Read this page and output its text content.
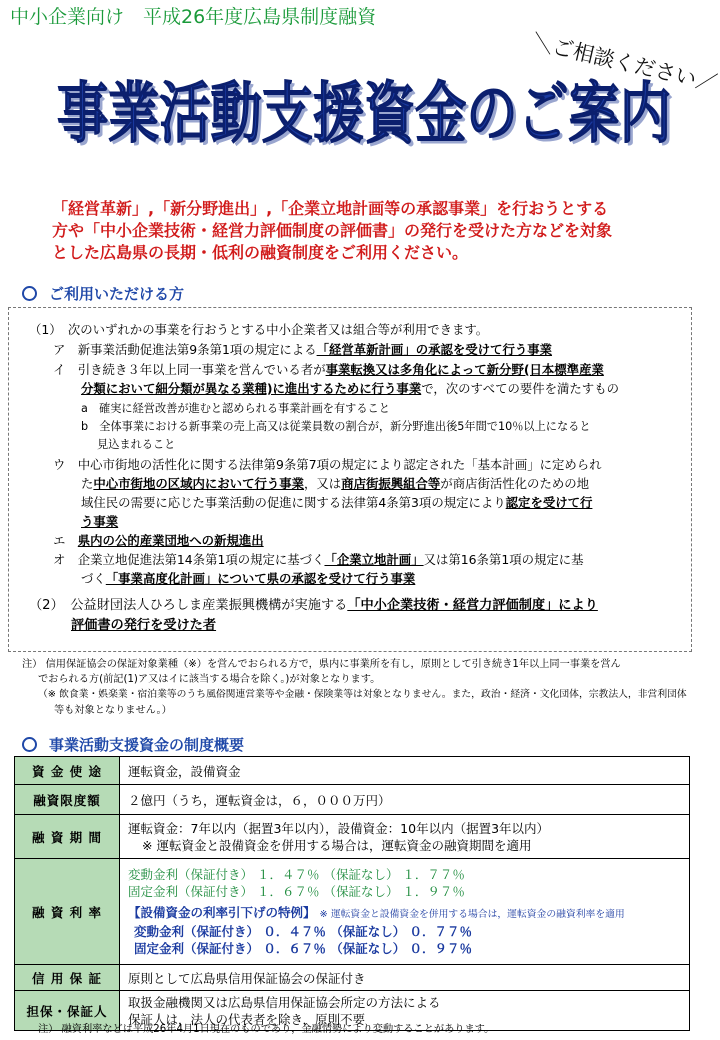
中小企業向け　平成26年度広島県制度融資
＼ご相談ください／
事業活動支援資金のご案内
事業活動支援資金のご案内

「経営革新」,「新分野進出」,「企業立地計画等の承認事業」を行おうとする

方や「中小企業技術・経営力評価制度の評価書」の発行を受けた方などを対象

とした広島県の長期・低利の融資制度をご利用ください。

ご利用いただける方
（1）　次のいずれかの事業を行おうとする中小企業者又は組合等が利用できます。
ア　新事業活動促進法第9条第1項の規定による「経営革新計画」の承認を受けて行う事業
イ　引き続き３年以上同一事業を営んでいる者が事業転換又は多角化によって新分野(日本標準産業
分類において細分類が異なる業種)に進出するために行う事業で，次のすべての要件を満たすもの
a　確実に経営改善が進むと認められる事業計画を有すること
b　全体事業における新事業の売上高又は従業員数の割合が，新分野進出後5年間で10％以上になると
見込まれること
ウ　中心市街地の活性化に関する法律第9条第7項の規定により認定された「基本計画」に定められ
た中心市街地の区域内において行う事業，又は商店街振興組合等が商店街活性化のための地
域住民の需要に応じた事業活動の促進に関する法律第4条第3項の規定により認定を受けて行
う事業
エ　県内の公的産業団地への新規進出
オ　企業立地促進法第14条第1項の規定に基づく「企業立地計画」又は第16条第1項の規定に基
づく「事業高度化計画」について県の承認を受けて行う事業
（2）　公益財団法人ひろしま産業振興機構が実施する「中小企業技術・経営力評価制度」により
評価書の発行を受けた者
注） 信用保証協会の保証対象業種（※）を営んでおられる方で，県内に事業所を有し，原則として引き続き1年以上同一事業を営ん
でおられる方(前記(1)ア又はイに該当する場合を除く。)が対象となります。
（※ 飲食業・娯楽業・宿泊業等のうち風俗関連営業等や金融・保険業等は対象となりません。また，政治・経済・文化団体，宗教法人，非営利団体
等も対象となりません。）
事業活動支援資金の制度概要
資 金 使 途	運転資金，設備資金
融資限度額	２億円（うち，運転資金は，６，０００万円）
融 資 期 間	運転資金：7年以内（据置3年以内），設備資金：10年以内（据置3年以内）
※ 運転資金と設備資金を併用する場合は，運転資金の融資期間を適用

融 資 利 率	変動金利（保証付き） １．４７％ （保証なし） １．７７％
固定金利（保証付き） １．６７％ （保証なし） １．９７％
【設備資金の利率引下げの特例】 ※ 運転資金と設備資金を併用する場合は，運転資金の融資利率を適用
変動金利（保証付き） ０．４７％ （保証なし） ０．７７％
固定金利（保証付き） ０．６７％ （保証なし） ０．９７％

信 用 保 証	原則として広島県信用保証協会の保証付き
担保・保証人	取扱金融機関又は広島県信用保証協会所定の方法による
保証人は，法人の代表者を除き，原則不要
注） 融資利率などは平成26年4月1日現在のものであり，金融情勢により変動することがあります。
